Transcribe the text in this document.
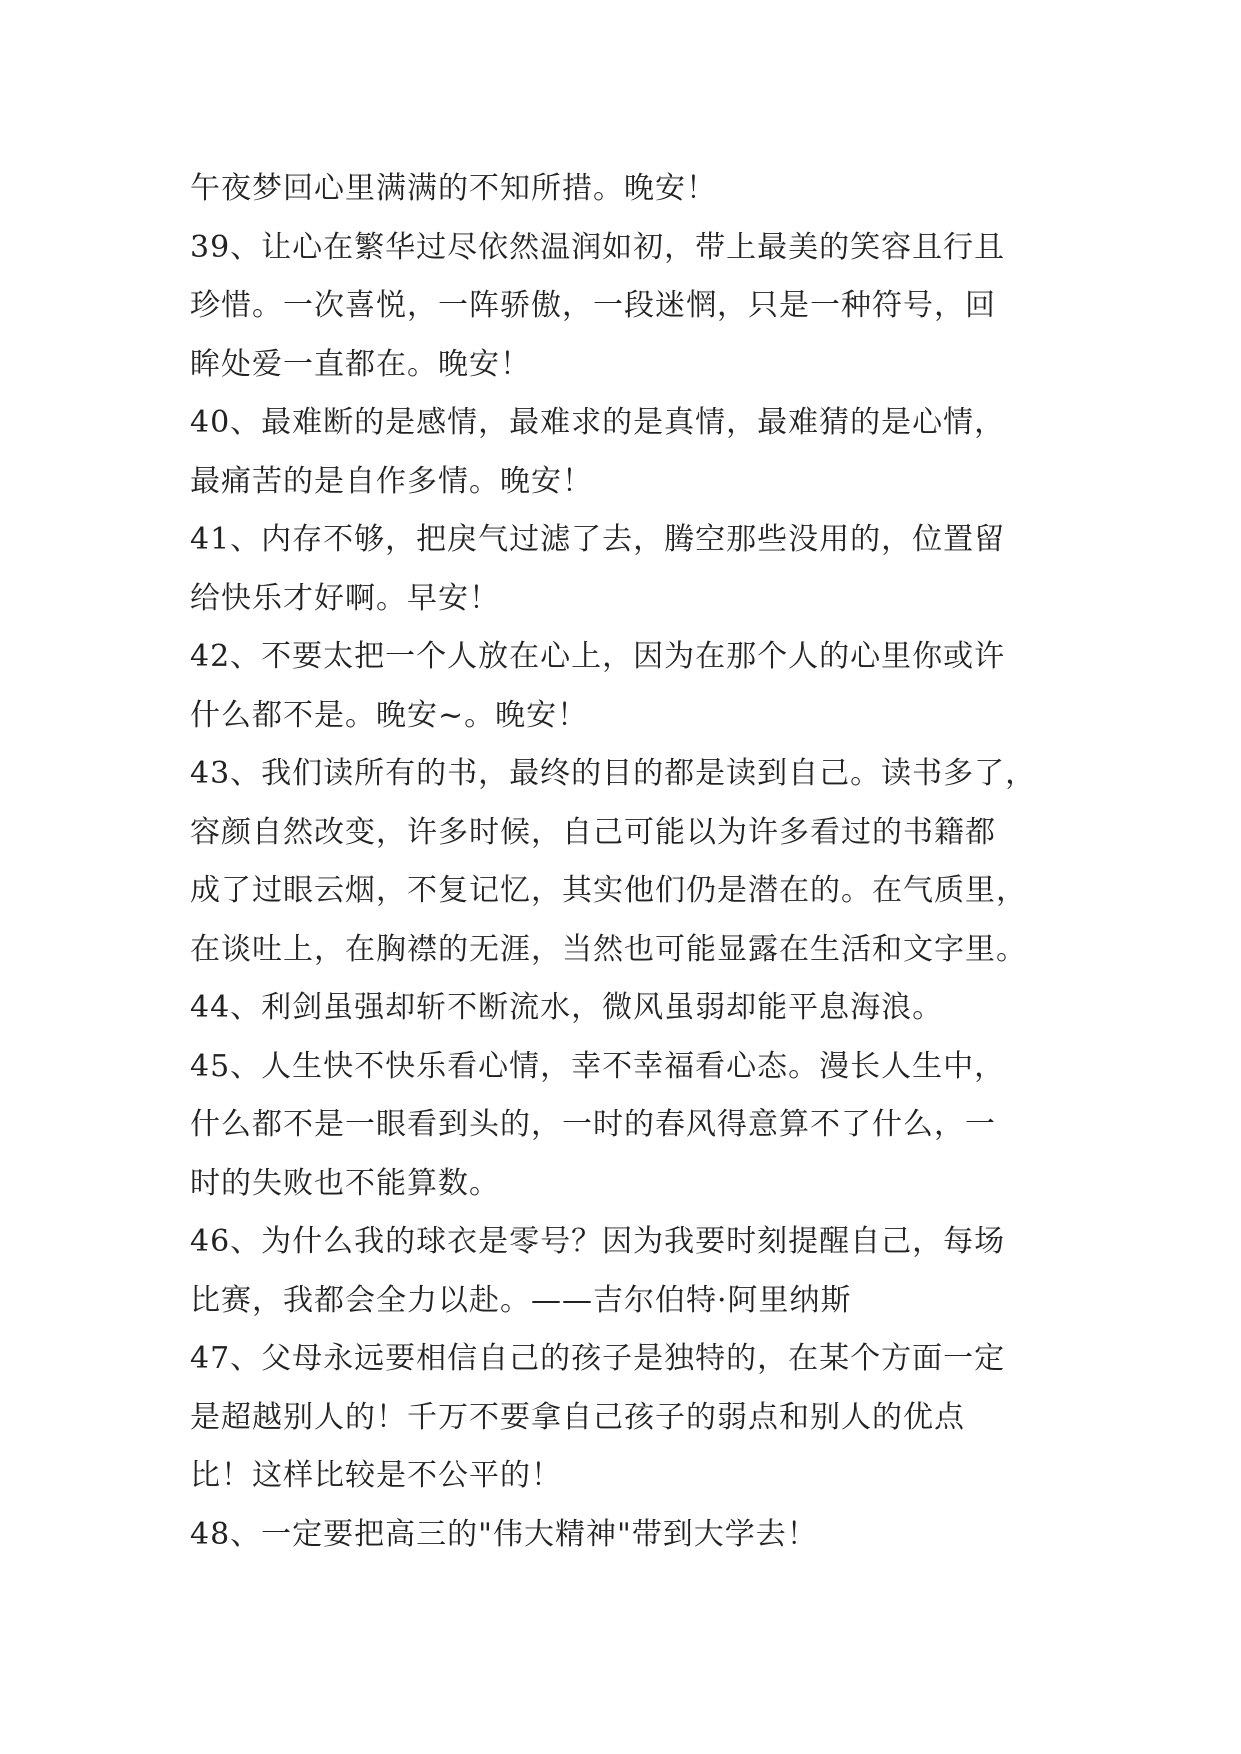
午夜梦回心里满满的不知所措。晚安！
39、让心在繁华过尽依然温润如初，带上最美的笑容且行且
珍惜。一次喜悦，一阵骄傲，一段迷惘，只是一种符号，回
眸处爱一直都在。晚安！
40、最难断的是感情，最难求的是真情，最难猜的是心情，
最痛苦的是自作多情。晚安！
41、内存不够，把戾气过滤了去，腾空那些没用的，位置留
给快乐才好啊。早安！
42、不要太把一个人放在心上，因为在那个人的心里你或许
什么都不是。晚安~。晚安！
43、我们读所有的书，最终的目的都是读到自己。读书多了，
容颜自然改变，许多时候，自己可能以为许多看过的书籍都
成了过眼云烟，不复记忆，其实他们仍是潜在的。在气质里，
在谈吐上，在胸襟的无涯，当然也可能显露在生活和文字里。
44、利剑虽强却斩不断流水，微风虽弱却能平息海浪。
45、人生快不快乐看心情，幸不幸福看心态。漫长人生中，
什么都不是一眼看到头的，一时的春风得意算不了什么，一
时的失败也不能算数。
46、为什么我的球衣是零号？因为我要时刻提醒自己，每场
比赛，我都会全力以赴。——吉尔伯特·阿里纳斯
47、父母永远要相信自己的孩子是独特的，在某个方面一定
是超越别人的！千万不要拿自己孩子的弱点和别人的优点
比！这样比较是不公平的！
48、一定要把高三的"伟大精神"带到大学去！
